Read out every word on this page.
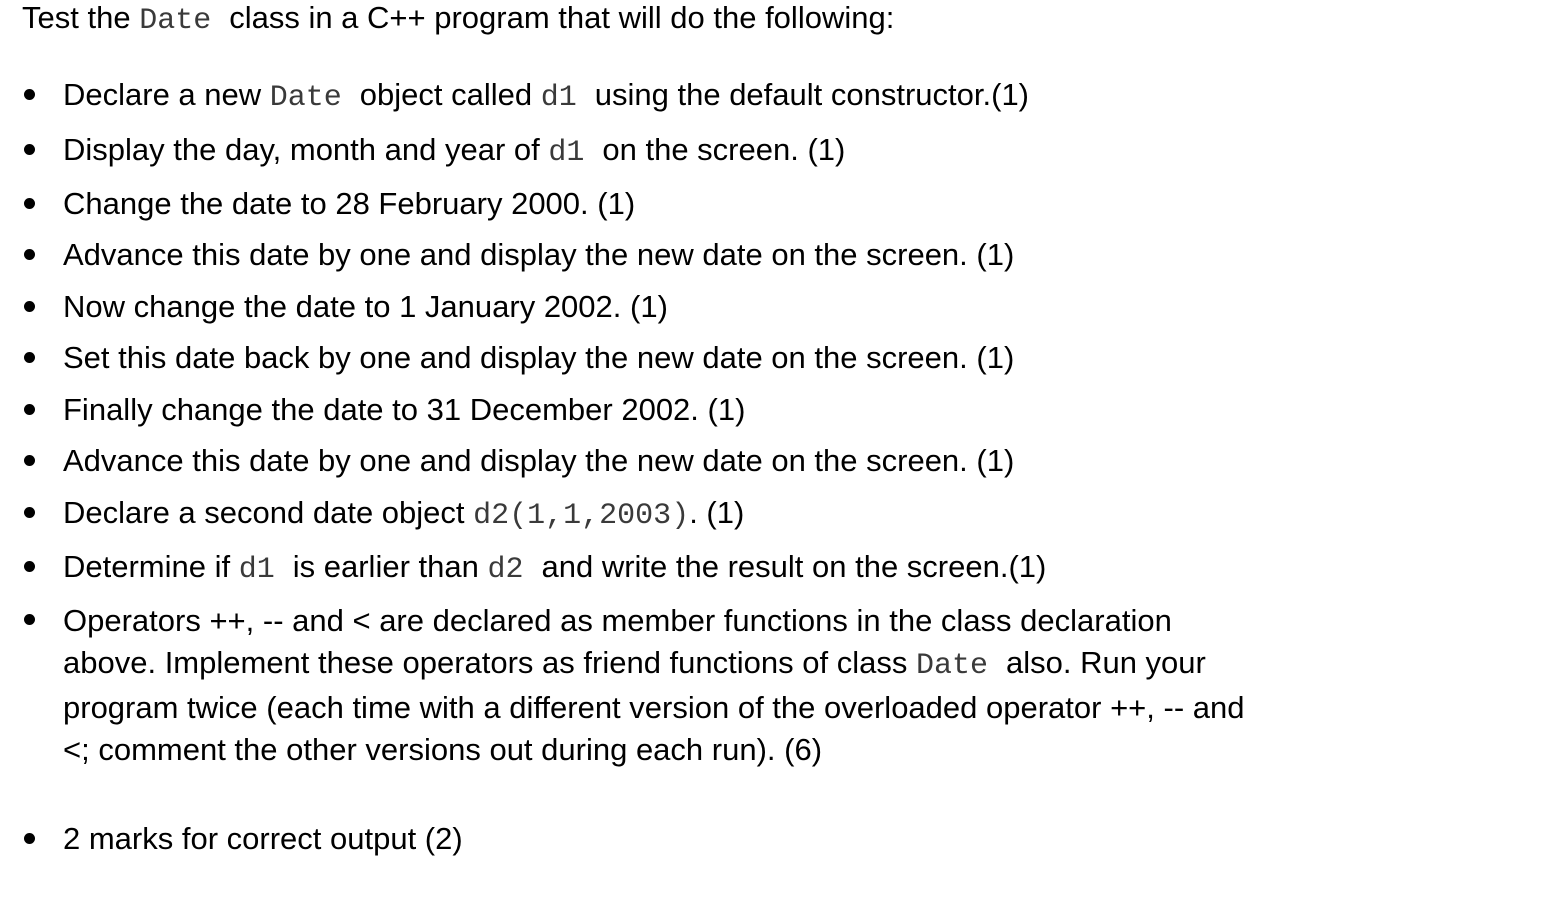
Test the Date class in a C++ program that will do the following:

Declare a new Date object called d1 using the default constructor.(1)
Display the day, month and year of d1 on the screen. (1)
Change the date to 28 February 2000. (1)
Advance this date by one and display the new date on the screen. (1)
Now change the date to 1 January 2002. (1)
Set this date back by one and display the new date on the screen. (1)
Finally change the date to 31 December 2002. (1)
Advance this date by one and display the new date on the screen. (1)
Declare a second date object d2(1,1,2003). (1)
Determine if d1 is earlier than d2 and write the result on the screen.(1)
Operators ++, -- and < are declared as member functions in the class declaration above. Implement these operators as friend functions of class Date also. Run your program twice (each time with a different version of the overloaded operator ++, -- and <; comment the other versions out during each run). (6)
2 marks for correct output (2)
